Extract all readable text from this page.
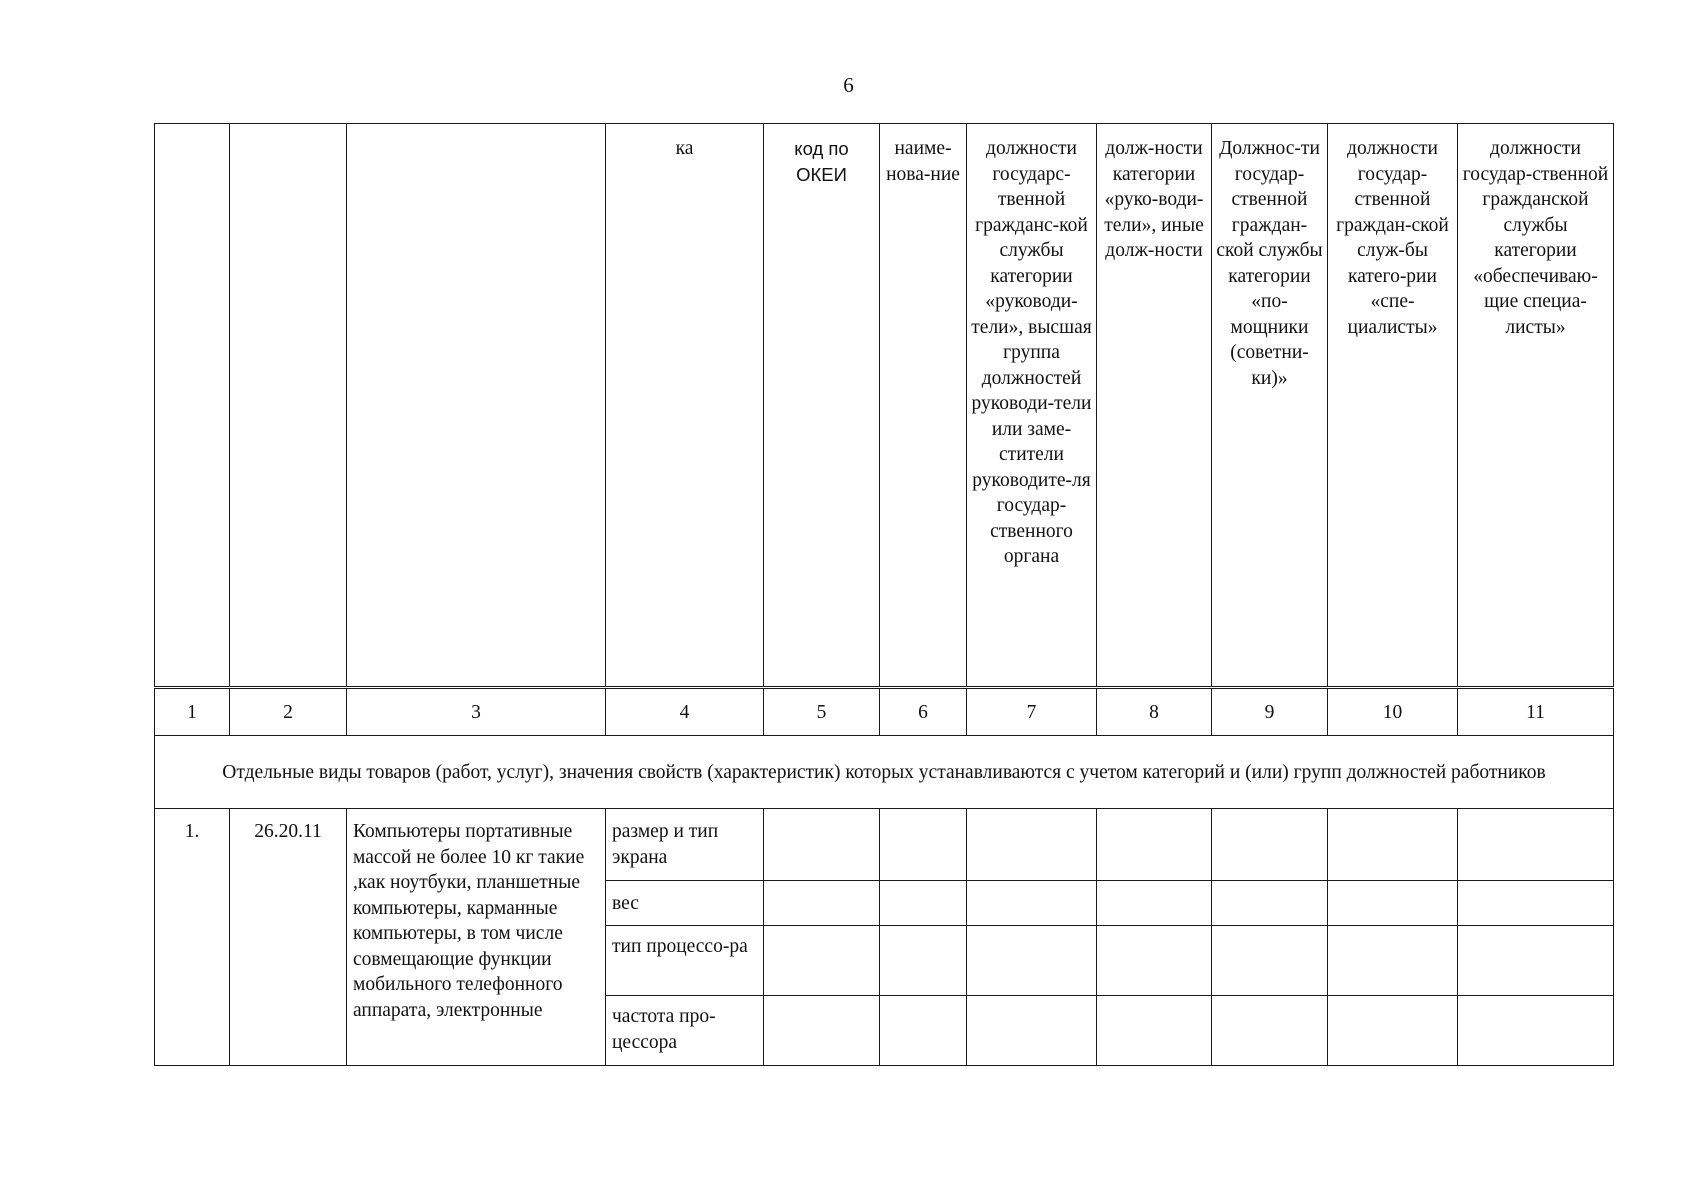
6
			ка	код по ОКЕИ	наиме-нова-ние	должности государс-твенной гражданс-кой службы категории «руководи-тели», высшая группа должностей руководи-тели или заме-стители руководите-ля государ-ственного органа	долж-ности категории «руко-води-тели», иные долж-ности	Должнос-ти государ-ственной граждан-ской службы категории «по-мощники (советни-ки)»	должности государ-ственной граждан-ской служ-бы катего-рии «спе-циалисты»	должности государ-ственной гражданской службы категории «обеспечиваю-щие специа-листы»

1	2	3	4	5	6	7	8	9	10	11
Отдельные виды товаров (работ, услуг), значения свойств (характеристик) которых устанавливаются с учетом категорий и (или) групп должностей работников										
1.	26.20.11	Компьютеры портативные массой не более 10 кг такие ,как ноутбуки, планшетные компьютеры, карманные компьютеры, в том числе совмещающие функции мобильного телефонного аппарата, электронные	размер и тип экрана							
			вес							
			тип процессо-ра							
			частота про-цессора							
